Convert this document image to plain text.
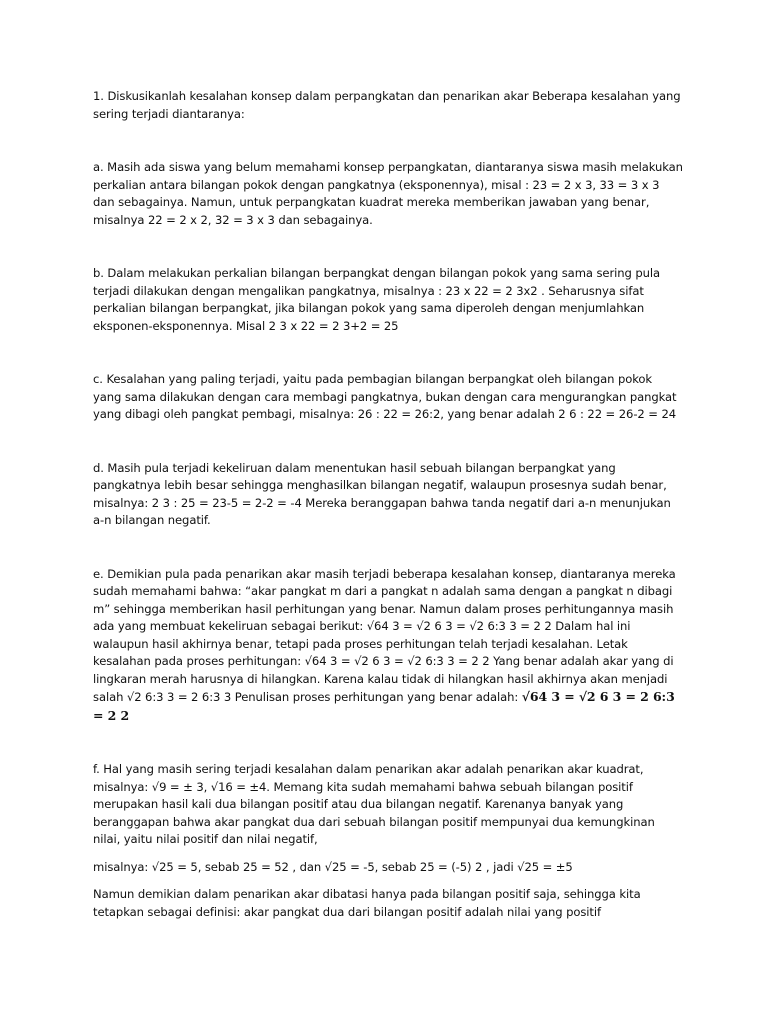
1. Diskusikanlah kesalahan konsep dalam perpangkatan dan penarikan akar Beberapa kesalahan yang sering terjadi diantaranya:

a. Masih ada siswa yang belum memahami konsep perpangkatan, diantaranya siswa masih melakukan perkalian antara bilangan pokok dengan pangkatnya (eksponennya), misal : 23 = 2 x 3, 33 = 3 x 3 dan sebagainya. Namun, untuk perpangkatan kuadrat mereka memberikan jawaban yang benar, misalnya 22 = 2 x 2, 32 = 3 x 3 dan sebagainya.

b. Dalam melakukan perkalian bilangan berpangkat dengan bilangan pokok yang sama sering pula terjadi dilakukan dengan mengalikan pangkatnya, misalnya : 23 x 22 = 2 3x2 . Seharusnya sifat perkalian bilangan berpangkat, jika bilangan pokok yang sama diperoleh dengan menjumlahkan eksponen-eksponennya. Misal 2 3 x 22 = 2 3+2 = 25

c. Kesalahan yang paling terjadi, yaitu pada pembagian bilangan berpangkat oleh bilangan pokok yang sama dilakukan dengan cara membagi pangkatnya, bukan dengan cara mengurangkan pangkat yang dibagi oleh pangkat pembagi, misalnya: 26 : 22 = 26:2, yang benar adalah 2 6 : 22 = 26-2 = 24

d. Masih pula terjadi kekeliruan dalam menentukan hasil sebuah bilangan berpangkat yang pangkatnya lebih besar sehingga menghasilkan bilangan negatif, walaupun prosesnya sudah benar, misalnya: 2 3 : 25 = 23-5 = 2-2 = -4 Mereka beranggapan bahwa tanda negatif dari a-n menunjukan a-n bilangan negatif.

e. Demikian pula pada penarikan akar masih terjadi beberapa kesalahan konsep, diantaranya mereka sudah memahami bahwa: “akar pangkat m dari a pangkat n adalah sama dengan a pangkat n dibagi m” sehingga memberikan hasil perhitungan yang benar. Namun dalam proses perhitungannya masih ada yang membuat kekeliruan sebagai berikut: √64 3 = √2 6 3 = √2 6:3 3 = 2 2 Dalam hal ini walaupun hasil akhirnya benar, tetapi pada proses perhitungan telah terjadi kesalahan. Letak kesalahan pada proses perhitungan: √64 3 = √2 6 3 = √2 6:3 3 = 2 2 Yang benar adalah akar yang di lingkaran merah harusnya di hilangkan. Karena kalau tidak di hilangkan hasil akhirnya akan menjadi salah √2 6:3 3 = 2 6:3 3 Penulisan proses perhitungan yang benar adalah: √64 3 = √2 6 3 = 2 6:3 = 2 2

f. Hal yang masih sering terjadi kesalahan dalam penarikan akar adalah penarikan akar kuadrat, misalnya: √9 = ± 3, √16 = ±4. Memang kita sudah memahami bahwa sebuah bilangan positif merupakan hasil kali dua bilangan positif atau dua bilangan negatif. Karenanya banyak yang beranggapan bahwa akar pangkat dua dari sebuah bilangan positif mempunyai dua kemungkinan nilai, yaitu nilai positif dan nilai negatif,

misalnya: √25 = 5, sebab 25 = 52 , dan √25 = -5, sebab 25 = (-5) 2 , jadi √25 = ±5

Namun demikian dalam penarikan akar dibatasi hanya pada bilangan positif saja, sehingga kita tetapkan sebagai definisi: akar pangkat dua dari bilangan positif adalah nilai yang positif
